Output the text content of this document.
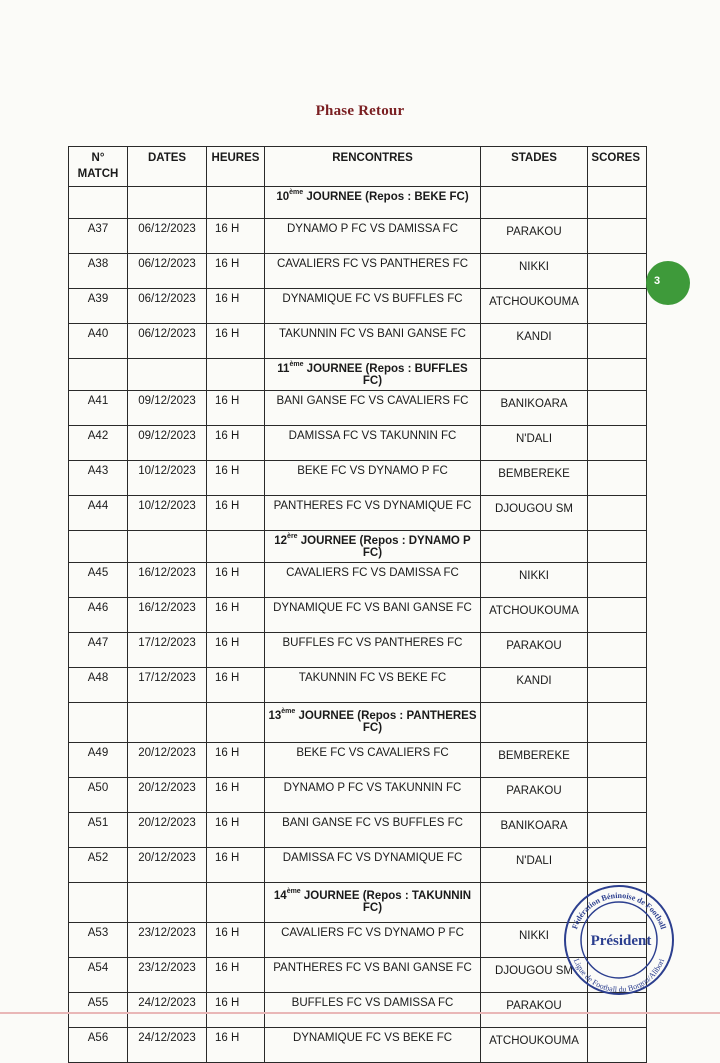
Phase Retour
N°
MATCH	DATES	HEURES	RENCONTRES	STADES	SCORES
			10ème JOURNEE (Repos : BEKE FC)		
A37	06/12/2023	16 H	DYNAMO P FC VS DAMISSA FC	PARAKOU	
A38	06/12/2023	16 H	CAVALIERS FC VS PANTHERES FC	NIKKI	
A39	06/12/2023	16 H	DYNAMIQUE FC VS BUFFLES FC	ATCHOUKOUMA	
A40	06/12/2023	16 H	TAKUNNIN FC VS BANI GANSE FC	KANDI	
			11ème JOURNEE (Repos : BUFFLES FC)		
A41	09/12/2023	16 H	BANI GANSE FC VS CAVALIERS FC	BANIKOARA	
A42	09/12/2023	16 H	DAMISSA FC VS TAKUNNIN FC	N'DALI	
A43	10/12/2023	16 H	BEKE FC VS DYNAMO P FC	BEMBEREKE	
A44	10/12/2023	16 H	PANTHERES FC VS DYNAMIQUE FC	DJOUGOU SM	
			12ère JOURNEE (Repos : DYNAMO P FC)		
A45	16/12/2023	16 H	CAVALIERS FC VS DAMISSA FC	NIKKI	
A46	16/12/2023	16 H	DYNAMIQUE FC VS BANI GANSE FC	ATCHOUKOUMA	
A47	17/12/2023	16 H	BUFFLES FC VS PANTHERES FC	PARAKOU	
A48	17/12/2023	16 H	TAKUNNIN FC VS BEKE FC	KANDI	
			13ème JOURNEE (Repos : PANTHERES FC)		
A49	20/12/2023	16 H	BEKE FC VS CAVALIERS FC	BEMBEREKE	
A50	20/12/2023	16 H	DYNAMO P FC VS TAKUNNIN FC	PARAKOU	
A51	20/12/2023	16 H	BANI GANSE FC VS BUFFLES FC	BANIKOARA	
A52	20/12/2023	16 H	DAMISSA FC VS DYNAMIQUE FC	N'DALI	
			14ème JOURNEE (Repos : TAKUNNIN FC)		
A53	23/12/2023	16 H	CAVALIERS FC VS DYNAMO P FC	NIKKI	
A54	23/12/2023	16 H	PANTHERES FC VS BANI GANSE FC	DJOUGOU SM	
A55	24/12/2023	16 H	BUFFLES FC VS DAMISSA FC	PARAKOU	
A56	24/12/2023	16 H	DYNAMIQUE FC VS BEKE FC	ATCHOUKOUMA	
3
Fédération Béninoise de Football
Ligue de Football du Borgou/Alibori
Président
